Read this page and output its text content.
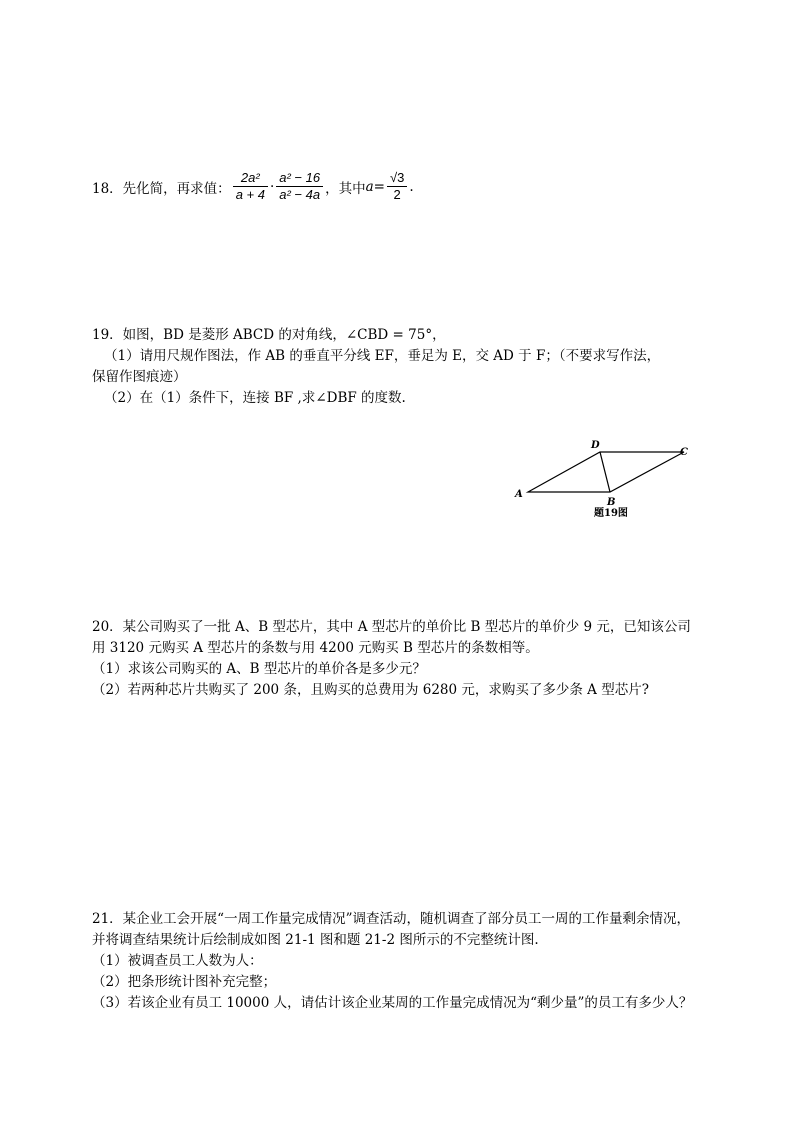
18．先化简，再求值： $\frac{\text{2a²}}{a + 4} \cdot \frac{\text{a² − 16}}{\text{a² − 4a}}$ ，其中 $a = \frac{√3}{2}$ .
19．如图，BD 是菱形 ABCD 的对角线，∠CBD = 75°，
（1）请用尺规作图法，作 AB 的垂直平分线 EF，垂足为 E，交 AD 于 F；（不要求写作法，
保留作图痕迹）
（2）在（1）条件下，连接 BF ,求∠DBF 的度数.
A
B
C
D
题19图
20．某公司购买了一批 A、B 型芯片，其中 A 型芯片的单价比 B 型芯片的单价少 9 元，已知该公司
用 3120 元购买 A 型芯片的条数与用 4200 元购买 B 型芯片的条数相等。
（1）求该公司购买的 A、B 型芯片的单价各是多少元？
（2）若两种芯片共购买了 200 条，且购买的总费用为 6280 元，求购买了多少条 A 型芯片?
21．某企业工会开展“一周工作量完成情况”调查活动，随机调查了部分员工一周的工作量剩余情况，
并将调查结果统计后绘制成如图 21-1 图和题 21-2 图所示的不完整统计图.
（1）被调查员工人数为人：
（2）把条形统计图补充完整；
（3）若该企业有员工 10000 人，请估计该企业某周的工作量完成情况为“剩少量”的员工有多少人？
